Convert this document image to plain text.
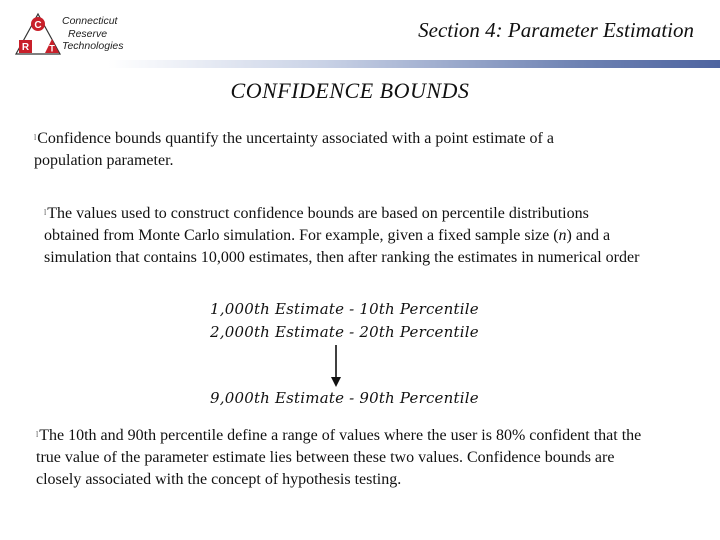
C
R T
Connecticut
Reserve
Technologies
Section 4: Parameter Estimation
CONFIDENCE BOUNDS
lConfidence bounds quantify the uncertainty associated with a point estimate of a population parameter.
lThe values used to construct confidence bounds are based on percentile distributions obtained from Monte Carlo simulation. For example, given a fixed sample size (n) and a simulation that contains 10,000 estimates, then after ranking the estimates in numerical order
1,000th Estimate - 10th Percentile
2,000th Estimate - 20th Percentile
9,000th Estimate - 90th Percentile
lThe 10th and 90th percentile define a range of values where the user is 80% confident that the true value of the parameter estimate lies between these two values. Confidence bounds are closely associated with the concept of hypothesis testing.
